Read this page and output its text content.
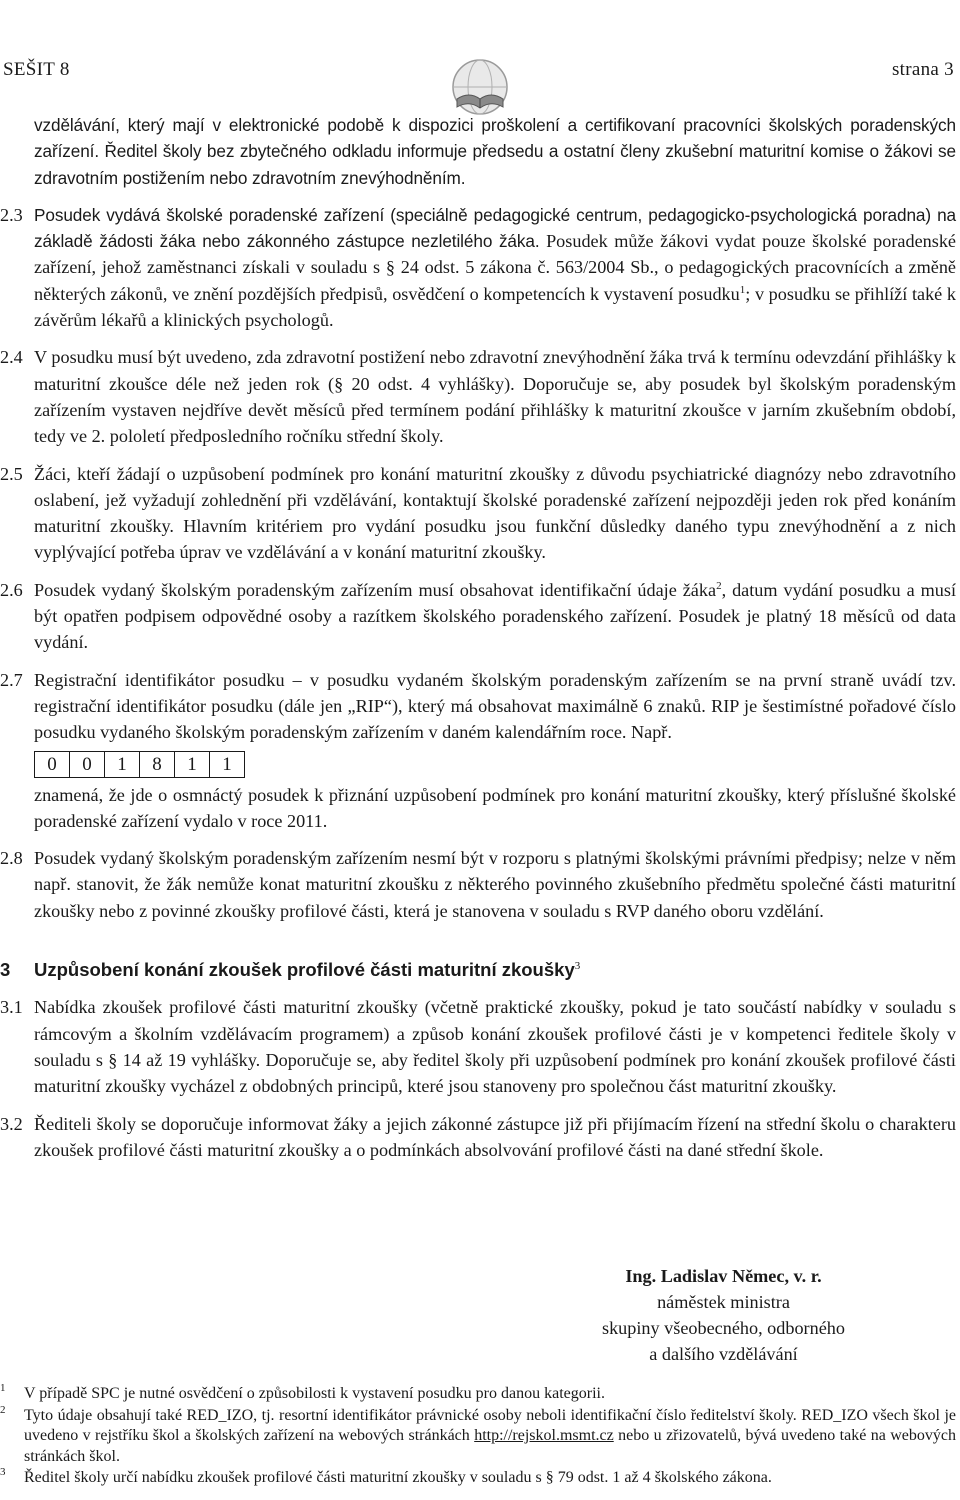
SEŠIT 8	strana 3
vzdělávání, který mají v elektronické podobě k dispozici proškolení a certifikovaní pracovníci školských poradenských zařízení. Ředitel školy bez zbytečného odkladu informuje předsedu a ostatní členy zkušební maturitní komise o žákovi se zdravotním postižením nebo zdravotním znevýhodněním.
2.3 Posudek vydává školské poradenské zařízení (speciálně pedagogické centrum, pedagogicko-psychologická poradna) na základě žádosti žáka nebo zákonného zástupce nezletilého žáka. Posudek může žákovi vydat pouze školské poradenské zařízení, jehož zaměstnanci získali v souladu s § 24 odst. 5 zákona č. 563/2004 Sb., o pedagogických pracovnících a změně některých zákonů, ve znění pozdějších předpisů, osvědčení o kompetencích k vystavení posudku$^1$; v posudku se přihlíží také k závěrům lékařů a klinických psychologů.
2.4 V posudku musí být uvedeno, zda zdravotní postižení nebo zdravotní znevýhodnění žáka trvá k termínu odevzdání přihlášky k maturitní zkoušce déle než jeden rok (§ 20 odst. 4 vyhlášky). Doporučuje se, aby posudek byl školským poradenským zařízením vystaven nejdříve devět měsíců před termínem podání přihlášky k maturitní zkoušce v jarním zkušebním období, tedy ve 2. pololetí předposledního ročníku střední školy.
2.5 Žáci, kteří žádají o uzpůsobení podmínek pro konání maturitní zkoušky z důvodu psychiatrické diagnózy nebo zdravotního oslabení, jež vyžadují zohlednění při vzdělávání, kontaktují školské poradenské zařízení nejpozději jeden rok před konáním maturitní zkoušky. Hlavním kritériem pro vydání posudku jsou funkční důsledky daného typu znevýhodnění a z nich vyplývající potřeba úprav ve vzdělávání a v konání maturitní zkoušky.
2.6 Posudek vydaný školským poradenským zařízením musí obsahovat identifikační údaje žáka$^2$, datum vydání posudku a musí být opatřen podpisem odpovědné osoby a razítkem školského poradenského zařízení. Posudek je platný 18 měsíců od data vydání.
2.7 Registrační identifikátor posudku – v posudku vydaném školským poradenským zařízením se na první straně uvádí tzv. registrační identifikátor posudku (dále jen „RIP“), který má obsahovat maximálně 6 znaků. RIP je šestimístné pořadové číslo posudku vydaného školským poradenským zařízením v daném kalendářním roce. Např.
0	0	1	8	1	1
znamená, že jde o osmnáctý posudek k přiznání uzpůsobení podmínek pro konání maturitní zkoušky, který příslušné školské poradenské zařízení vydalo v roce 2011.
2.8 Posudek vydaný školským poradenským zařízením nesmí být v rozporu s platnými školskými právními předpisy; nelze v něm např. stanovit, že žák nemůže konat maturitní zkoušku z některého povinného zkušebního předmětu společné části maturitní zkoušky nebo z povinné zkoušky profilové části, která je stanovena v souladu s RVP daného oboru vzdělání.
3 Uzpůsobení konání zkoušek profilové části maturitní zkoušky$^3$
3.1 Nabídka zkoušek profilové části maturitní zkoušky (včetně praktické zkoušky, pokud je tato součástí nabídky v souladu s rámcovým a školním vzdělávacím programem) a způsob konání zkoušek profilové části je v kompetenci ředitele školy v souladu s § 14 až 19 vyhlášky. Doporučuje se, aby ředitel školy při uzpůsobení podmínek pro konání zkoušek profilové části maturitní zkoušky vycházel z obdobných principů, které jsou stanoveny pro společnou část maturitní zkoušky.
3.2 Řediteli školy se doporučuje informovat žáky a jejich zákonné zástupce již při přijímacím řízení na střední školu o charakteru zkoušek profilové části maturitní zkoušky a o podmínkách absolvování profilové části na dané střední škole.
Ing. Ladislav Němec, v. r.
náměstek ministra
skupiny všeobecného, odborného
a dalšího vzdělávání
1 V případě SPC je nutné osvědčení o způsobilosti k vystavení posudku pro danou kategorii.
2 Tyto údaje obsahují také RED_IZO, tj. resortní identifikátor právnické osoby neboli identifikační číslo ředitelství školy. RED_IZO všech škol je uvedeno v rejstříku škol a školských zařízení na webových stránkách http://rejskol.msmt.cz nebo u zřizovatelů, bývá uvedeno také na webových stránkách škol.
3 Ředitel školy určí nabídku zkoušek profilové části maturitní zkoušky v souladu s § 79 odst. 1 až 4 školského zákona.
